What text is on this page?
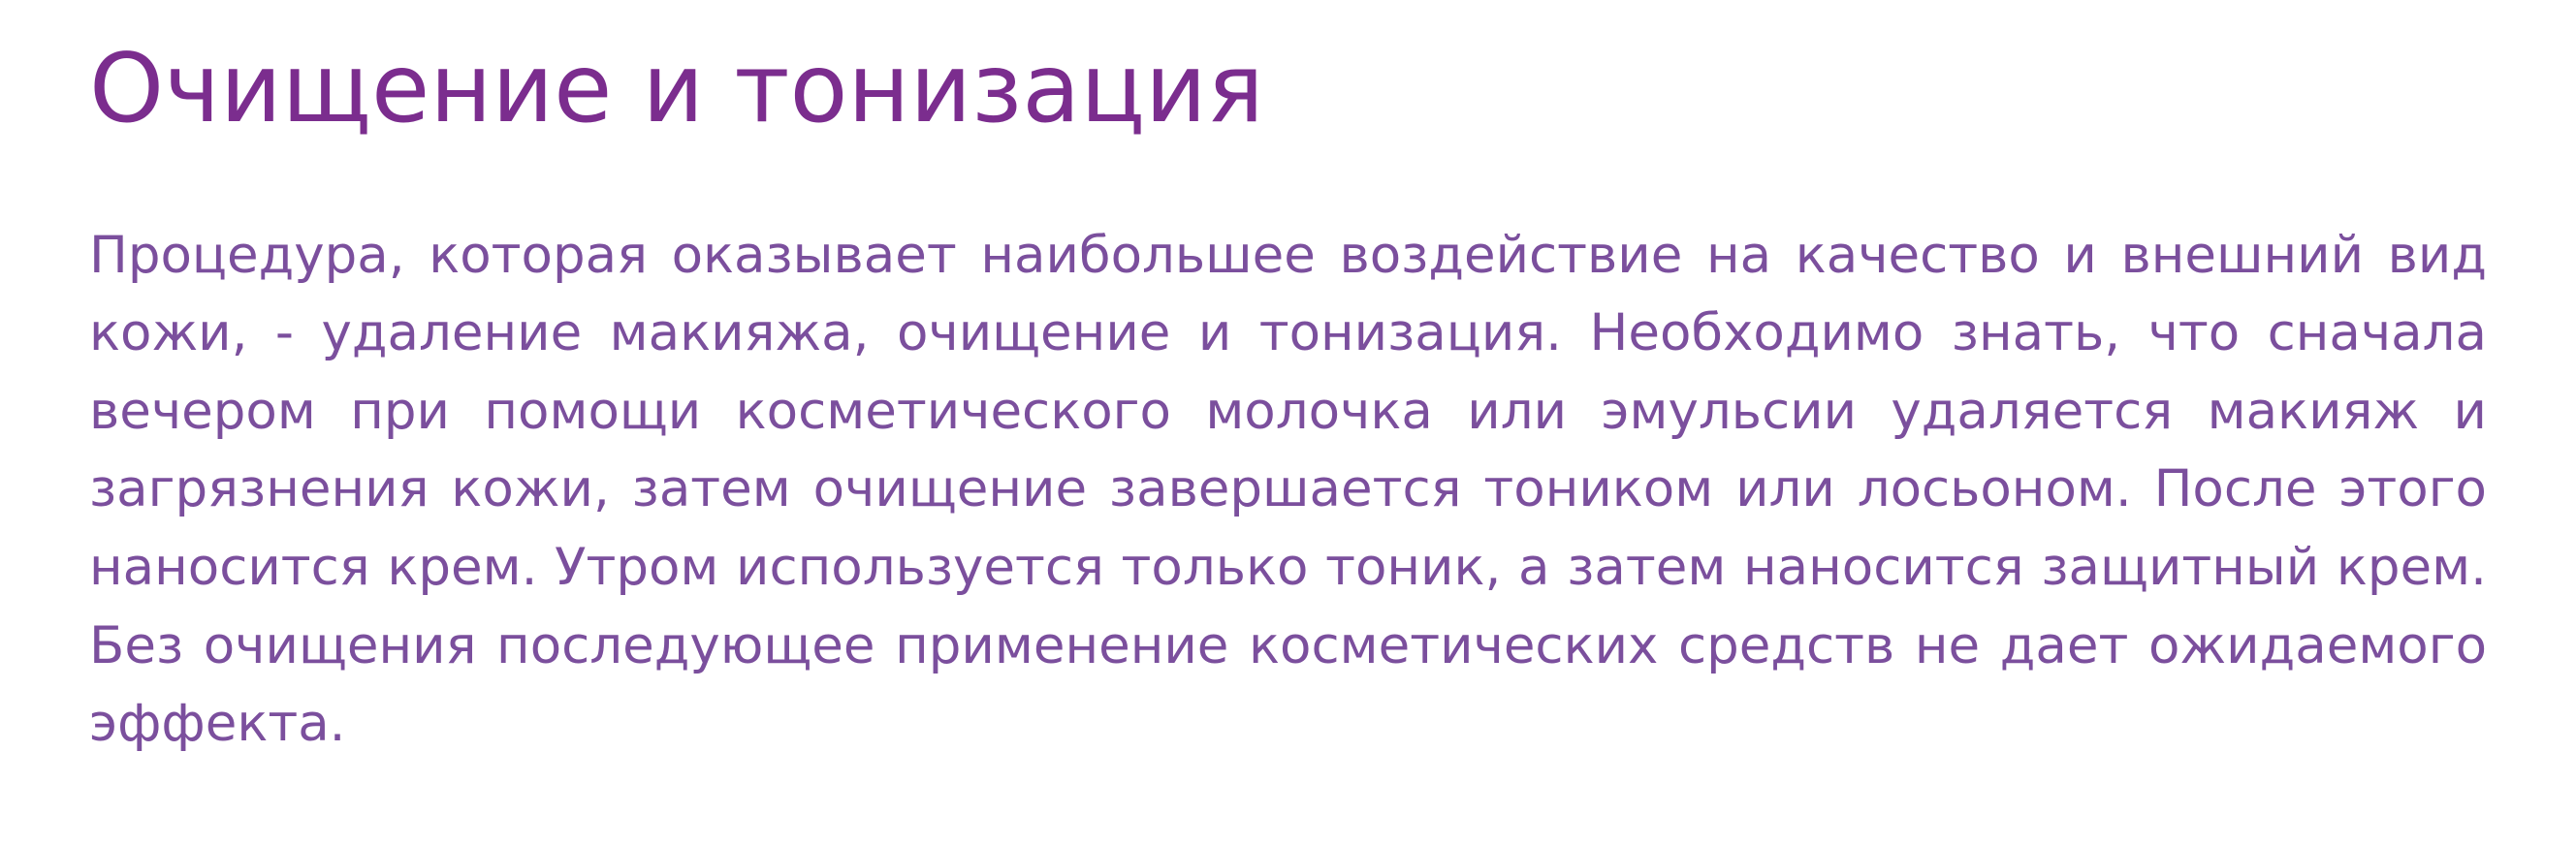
Очищение и тонизация

Процедура, которая оказывает наибольшее воздействие на качество и внешний вид кожи, - удаление макияжа, очищение и тонизация. Необходимо знать, что сначала вечером при помощи косметического молочка или эмульсии удаляется макияж и загрязнения кожи, затем очищение завершается тоником или лосьоном. После этого наносится крем. Утром используется только тоник, а затем наносится защитный крем. Без очищения последующее применение косметических средств не дает ожидаемого эффекта.
